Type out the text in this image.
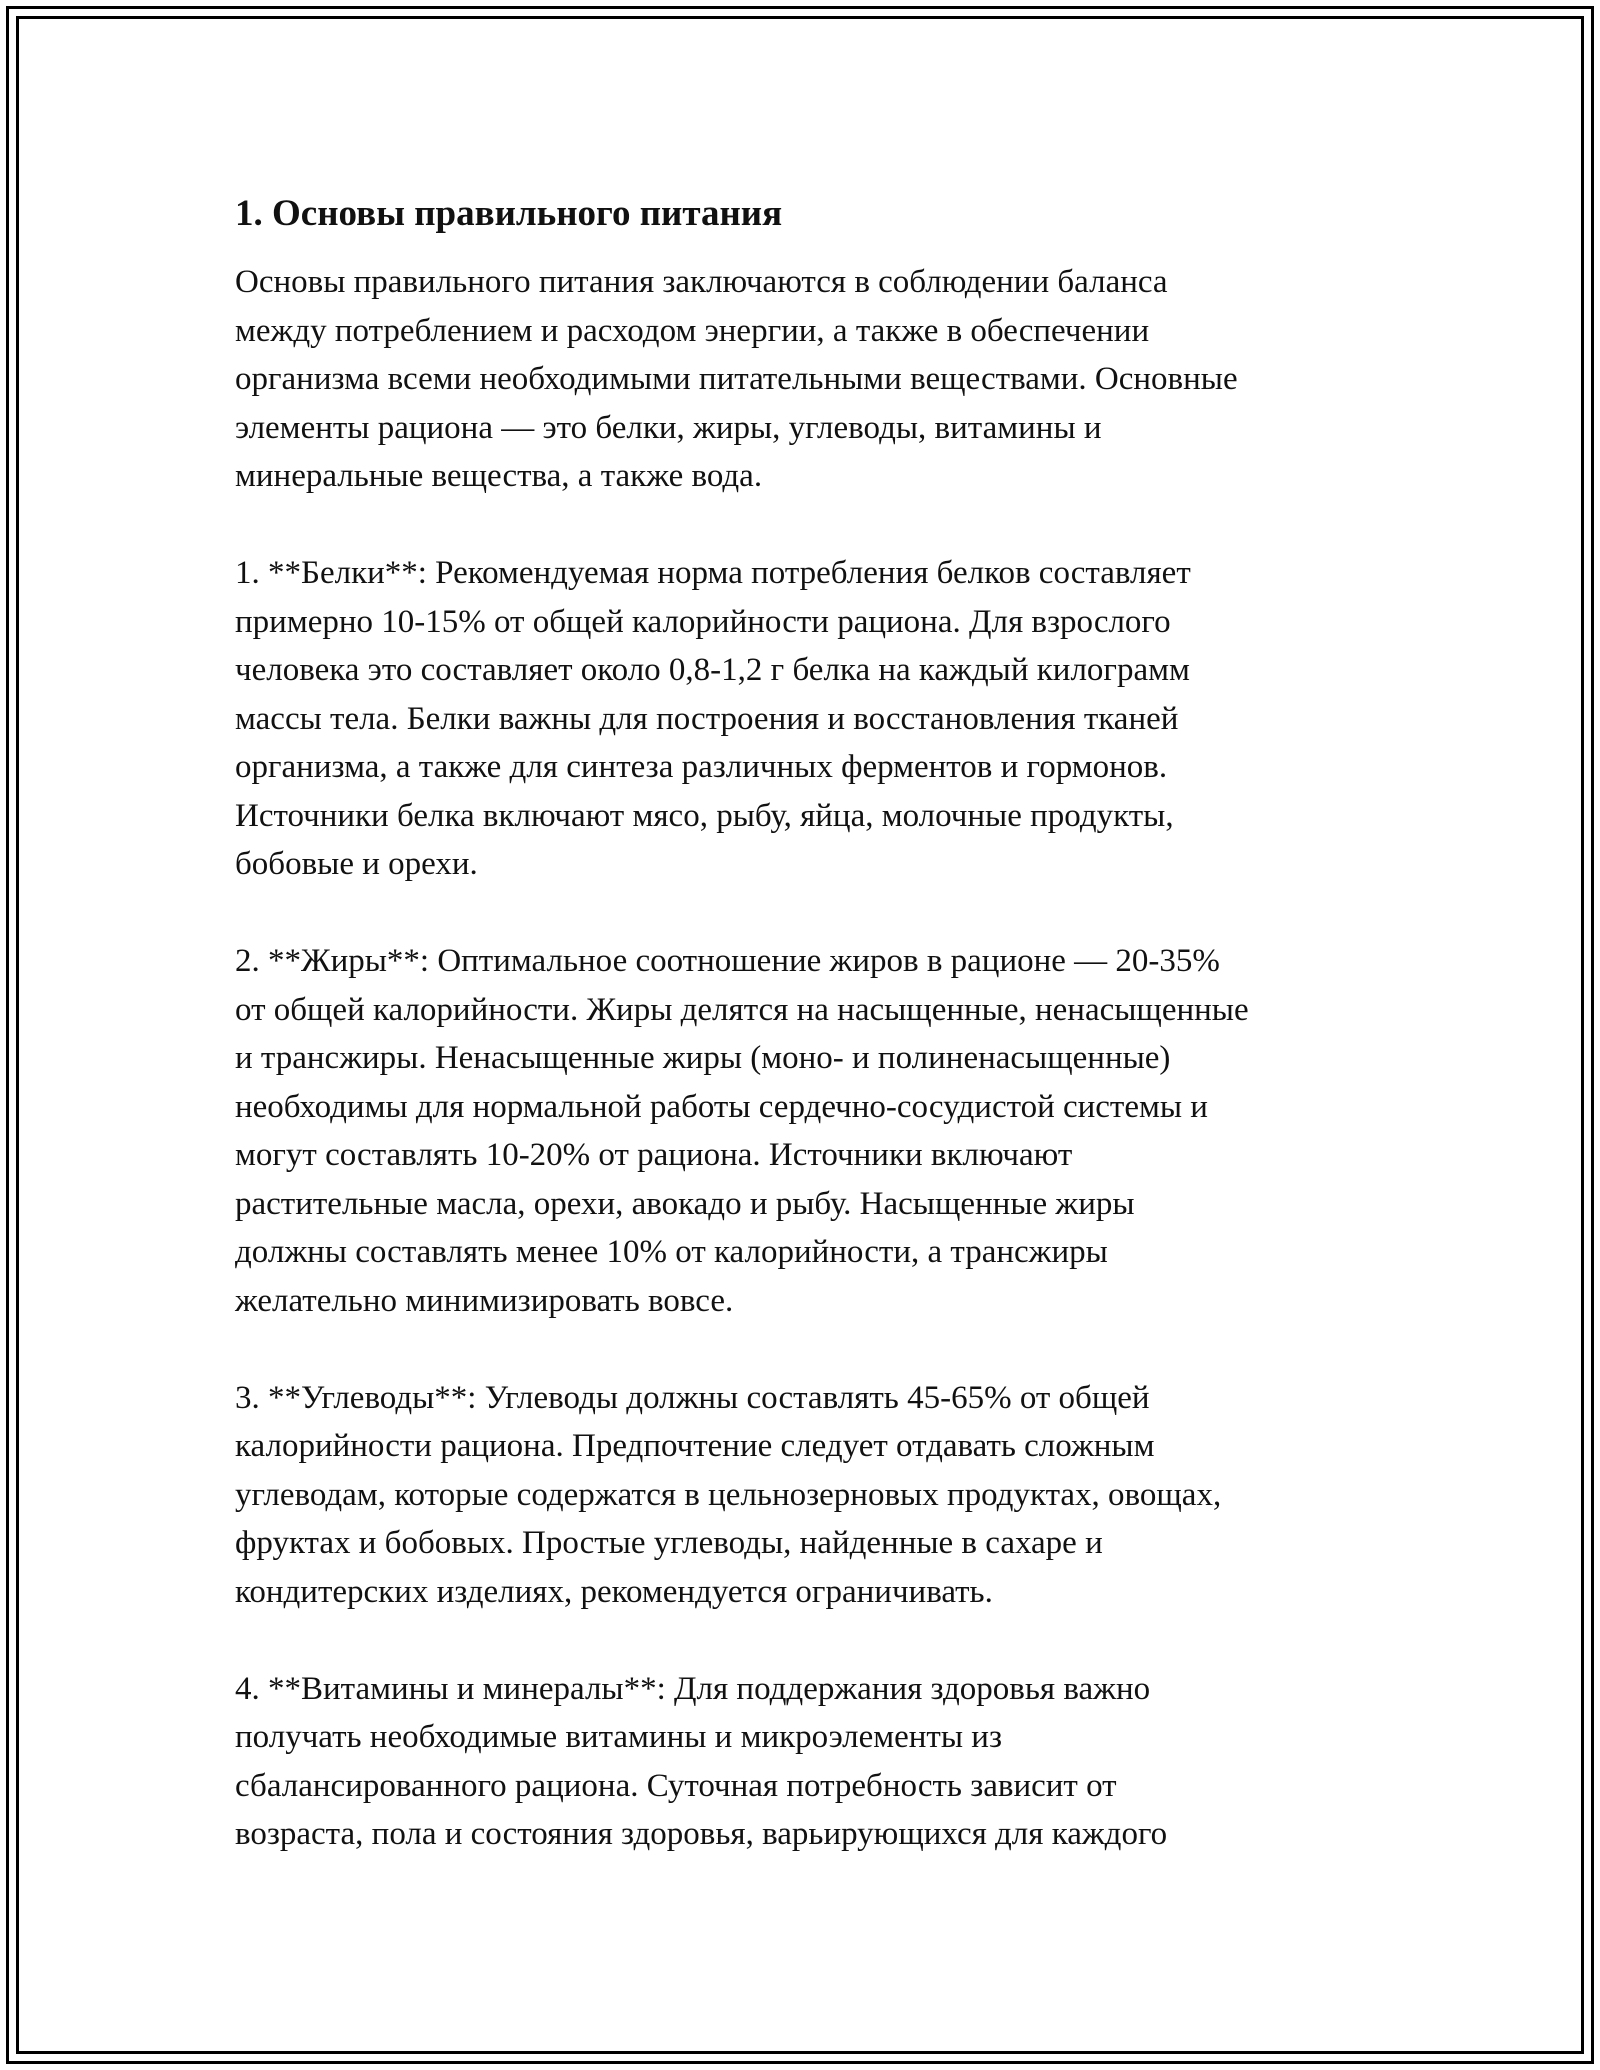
1. Основы правильного питания

Основы правильного питания заключаются в соблюдении баланса
между потреблением и расходом энергии, а также в обеспечении
организма всеми необходимыми питательными веществами. Основные
элементы рациона — это белки, жиры, углеводы, витамины и
минеральные вещества, а также вода.

1. **Белки**: Рекомендуемая норма потребления белков составляет
примерно 10-15% от общей калорийности рациона. Для взрослого
человека это составляет около 0,8-1,2 г белка на каждый килограмм
массы тела. Белки важны для построения и восстановления тканей
организма, а также для синтеза различных ферментов и гормонов.
Источники белка включают мясо, рыбу, яйца, молочные продукты,
бобовые и орехи.

2. **Жиры**: Оптимальное соотношение жиров в рационе — 20-35%
от общей калорийности. Жиры делятся на насыщенные, ненасыщенные
и трансжиры. Ненасыщенные жиры (моно- и полиненасыщенные)
необходимы для нормальной работы сердечно-сосудистой системы и
могут составлять 10-20% от рациона. Источники включают
растительные масла, орехи, авокадо и рыбу. Насыщенные жиры
должны составлять менее 10% от калорийности, а трансжиры
желательно минимизировать вовсе.

3. **Углеводы**: Углеводы должны составлять 45-65% от общей
калорийности рациона. Предпочтение следует отдавать сложным
углеводам, которые содержатся в цельнозерновых продуктах, овощах,
фруктах и бобовых. Простые углеводы, найденные в сахаре и
кондитерских изделиях, рекомендуется ограничивать.

4. **Витамины и минералы**: Для поддержания здоровья важно
получать необходимые витамины и микроэлементы из
сбалансированного рациона. Суточная потребность зависит от
возраста, пола и состояния здоровья, варьирующихся для каждого
